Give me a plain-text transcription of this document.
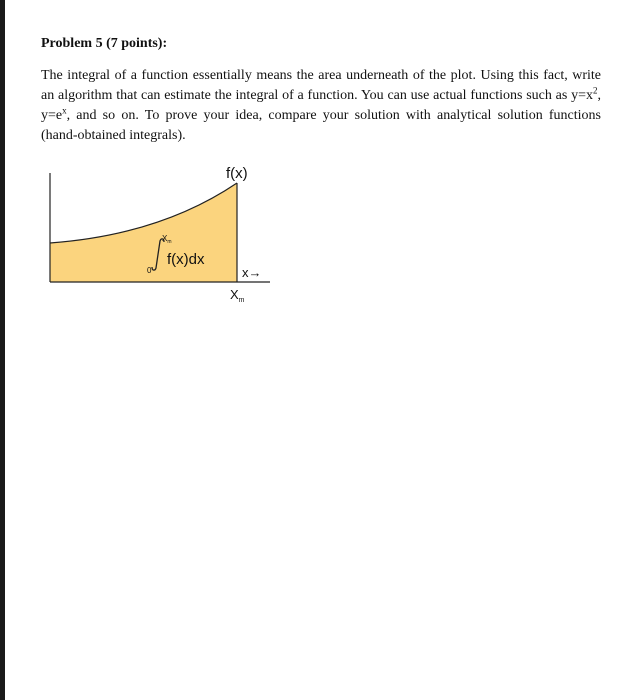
Problem 5 (7 points):

The integral of a function essentially means the area underneath of the plot. Using this fact, write an algorithm that can estimate the integral of a function. You can use actual functions such as $y=x^2$, $y=e^x$, and so on. To prove your idea, compare your solution with analytical solution functions (hand-obtained integrals).

f(x)
$X_m$
0
f(x)dx
x→
$X_m$
